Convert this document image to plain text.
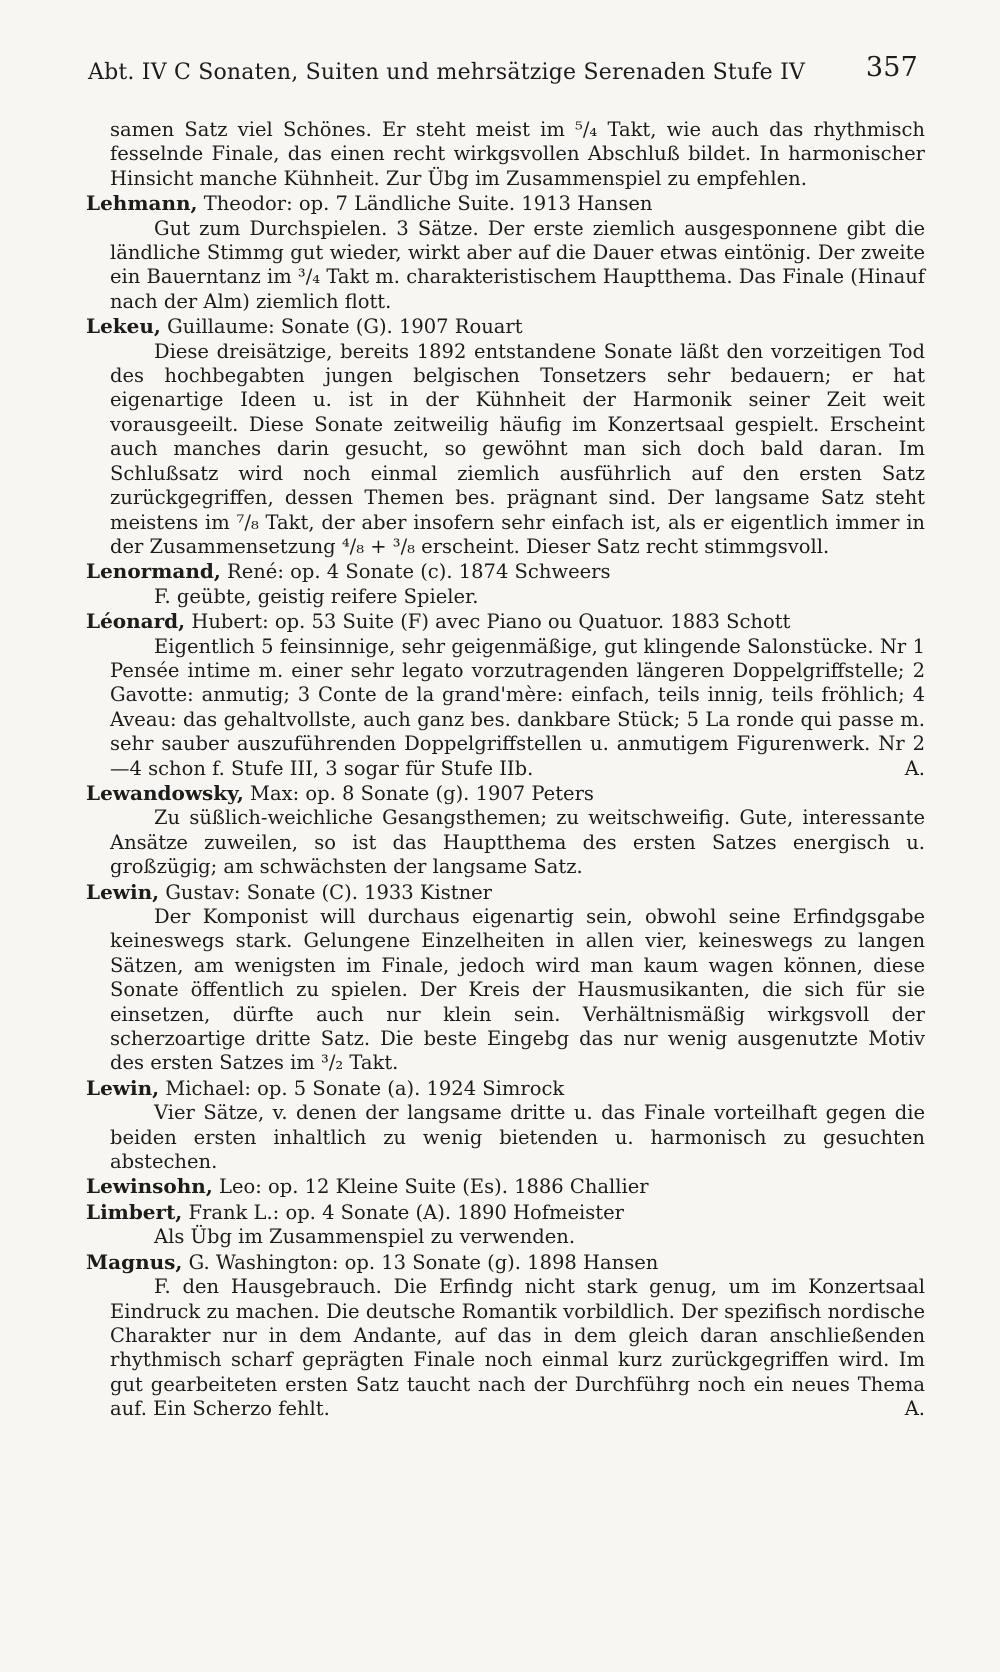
Abt. IV C Sonaten, Suiten und mehrsätzige Serenaden Stufe IV 357

samen Satz viel Schönes. Er steht meist im ⁵/₄ Takt, wie auch das rhythmisch fesselnde Finale, das einen recht wirkgsvollen Abschluß bildet. In harmonischer Hinsicht manche Kühnheit. Zur Übg im Zusammenspiel zu empfehlen.

Lehmann, Theodor: op. 7 Ländliche Suite. 1913 Hansen

Gut zum Durchspielen. 3 Sätze. Der erste ziemlich ausgesponnene gibt die ländliche Stimmg gut wieder, wirkt aber auf die Dauer etwas eintönig. Der zweite ein Bauerntanz im ³/₄ Takt m. charakteristischem Hauptthema. Das Finale (Hinauf nach der Alm) ziemlich flott.

Lekeu, Guillaume: Sonate (G). 1907 Rouart

Diese dreisätzige, bereits 1892 entstandene Sonate läßt den vorzeitigen Tod des hochbegabten jungen belgischen Tonsetzers sehr bedauern; er hat eigenartige Ideen u. ist in der Kühnheit der Harmonik seiner Zeit weit vorausgeeilt. Diese Sonate zeitweilig häufig im Konzertsaal gespielt. Erscheint auch manches darin gesucht, so gewöhnt man sich doch bald daran. Im Schlußsatz wird noch einmal ziemlich ausführlich auf den ersten Satz zurückgegriffen, dessen Themen bes. prägnant sind. Der langsame Satz steht meistens im ⁷/₈ Takt, der aber insofern sehr einfach ist, als er eigentlich immer in der Zusammensetzung ⁴/₈ + ³/₈ erscheint. Dieser Satz recht stimmgsvoll.

Lenormand, René: op. 4 Sonate (c). 1874 Schweers

F. geübte, geistig reifere Spieler.

Léonard, Hubert: op. 53 Suite (F) avec Piano ou Quatuor. 1883 Schott

Eigentlich 5 feinsinnige, sehr geigenmäßige, gut klingende Salonstücke. Nr 1 Pensée intime m. einer sehr legato vorzutragenden längeren Doppelgriffstelle; 2 Gavotte: anmutig; 3 Conte de la grand'mère: einfach, teils innig, teils fröhlich; 4 Aveau: das gehaltvollste, auch ganz bes. dankbare Stück; 5 La ronde qui passe m. sehr sauber auszuführenden Doppelgriffstellen u. anmutigem Figurenwerk. Nr 2—4 schon f. Stufe III, 3 sogar für Stufe IIb.	A.

Lewandowsky, Max: op. 8 Sonate (g). 1907 Peters

Zu süßlich-weichliche Gesangsthemen; zu weitschweifig. Gute, interessante Ansätze zuweilen, so ist das Hauptthema des ersten Satzes energisch u. großzügig; am schwächsten der langsame Satz.

Lewin, Gustav: Sonate (C). 1933 Kistner

Der Komponist will durchaus eigenartig sein, obwohl seine Erfindgsgabe keineswegs stark. Gelungene Einzelheiten in allen vier, keineswegs zu langen Sätzen, am wenigsten im Finale, jedoch wird man kaum wagen können, diese Sonate öffentlich zu spielen. Der Kreis der Hausmusikanten, die sich für sie einsetzen, dürfte auch nur klein sein. Verhältnismäßig wirkgsvoll der scherzoartige dritte Satz. Die beste Eingebg das nur wenig ausgenutzte Motiv des ersten Satzes im ³/₂ Takt.

Lewin, Michael: op. 5 Sonate (a). 1924 Simrock

Vier Sätze, v. denen der langsame dritte u. das Finale vorteilhaft gegen die beiden ersten inhaltlich zu wenig bietenden u. harmonisch zu gesuchten abstechen.

Lewinsohn, Leo: op. 12 Kleine Suite (Es). 1886 Challier

Limbert, Frank L.: op. 4 Sonate (A). 1890 Hofmeister

Als Übg im Zusammenspiel zu verwenden.

Magnus, G. Washington: op. 13 Sonate (g). 1898 Hansen

F. den Hausgebrauch. Die Erfindg nicht stark genug, um im Konzertsaal Eindruck zu machen. Die deutsche Romantik vorbildlich. Der spezifisch nordische Charakter nur in dem Andante, auf das in dem gleich daran anschließenden rhythmisch scharf geprägten Finale noch einmal kurz zurückgegriffen wird. Im gut gearbeiteten ersten Satz taucht nach der Durchführg noch ein neues Thema auf. Ein Scherzo fehlt.	A.
